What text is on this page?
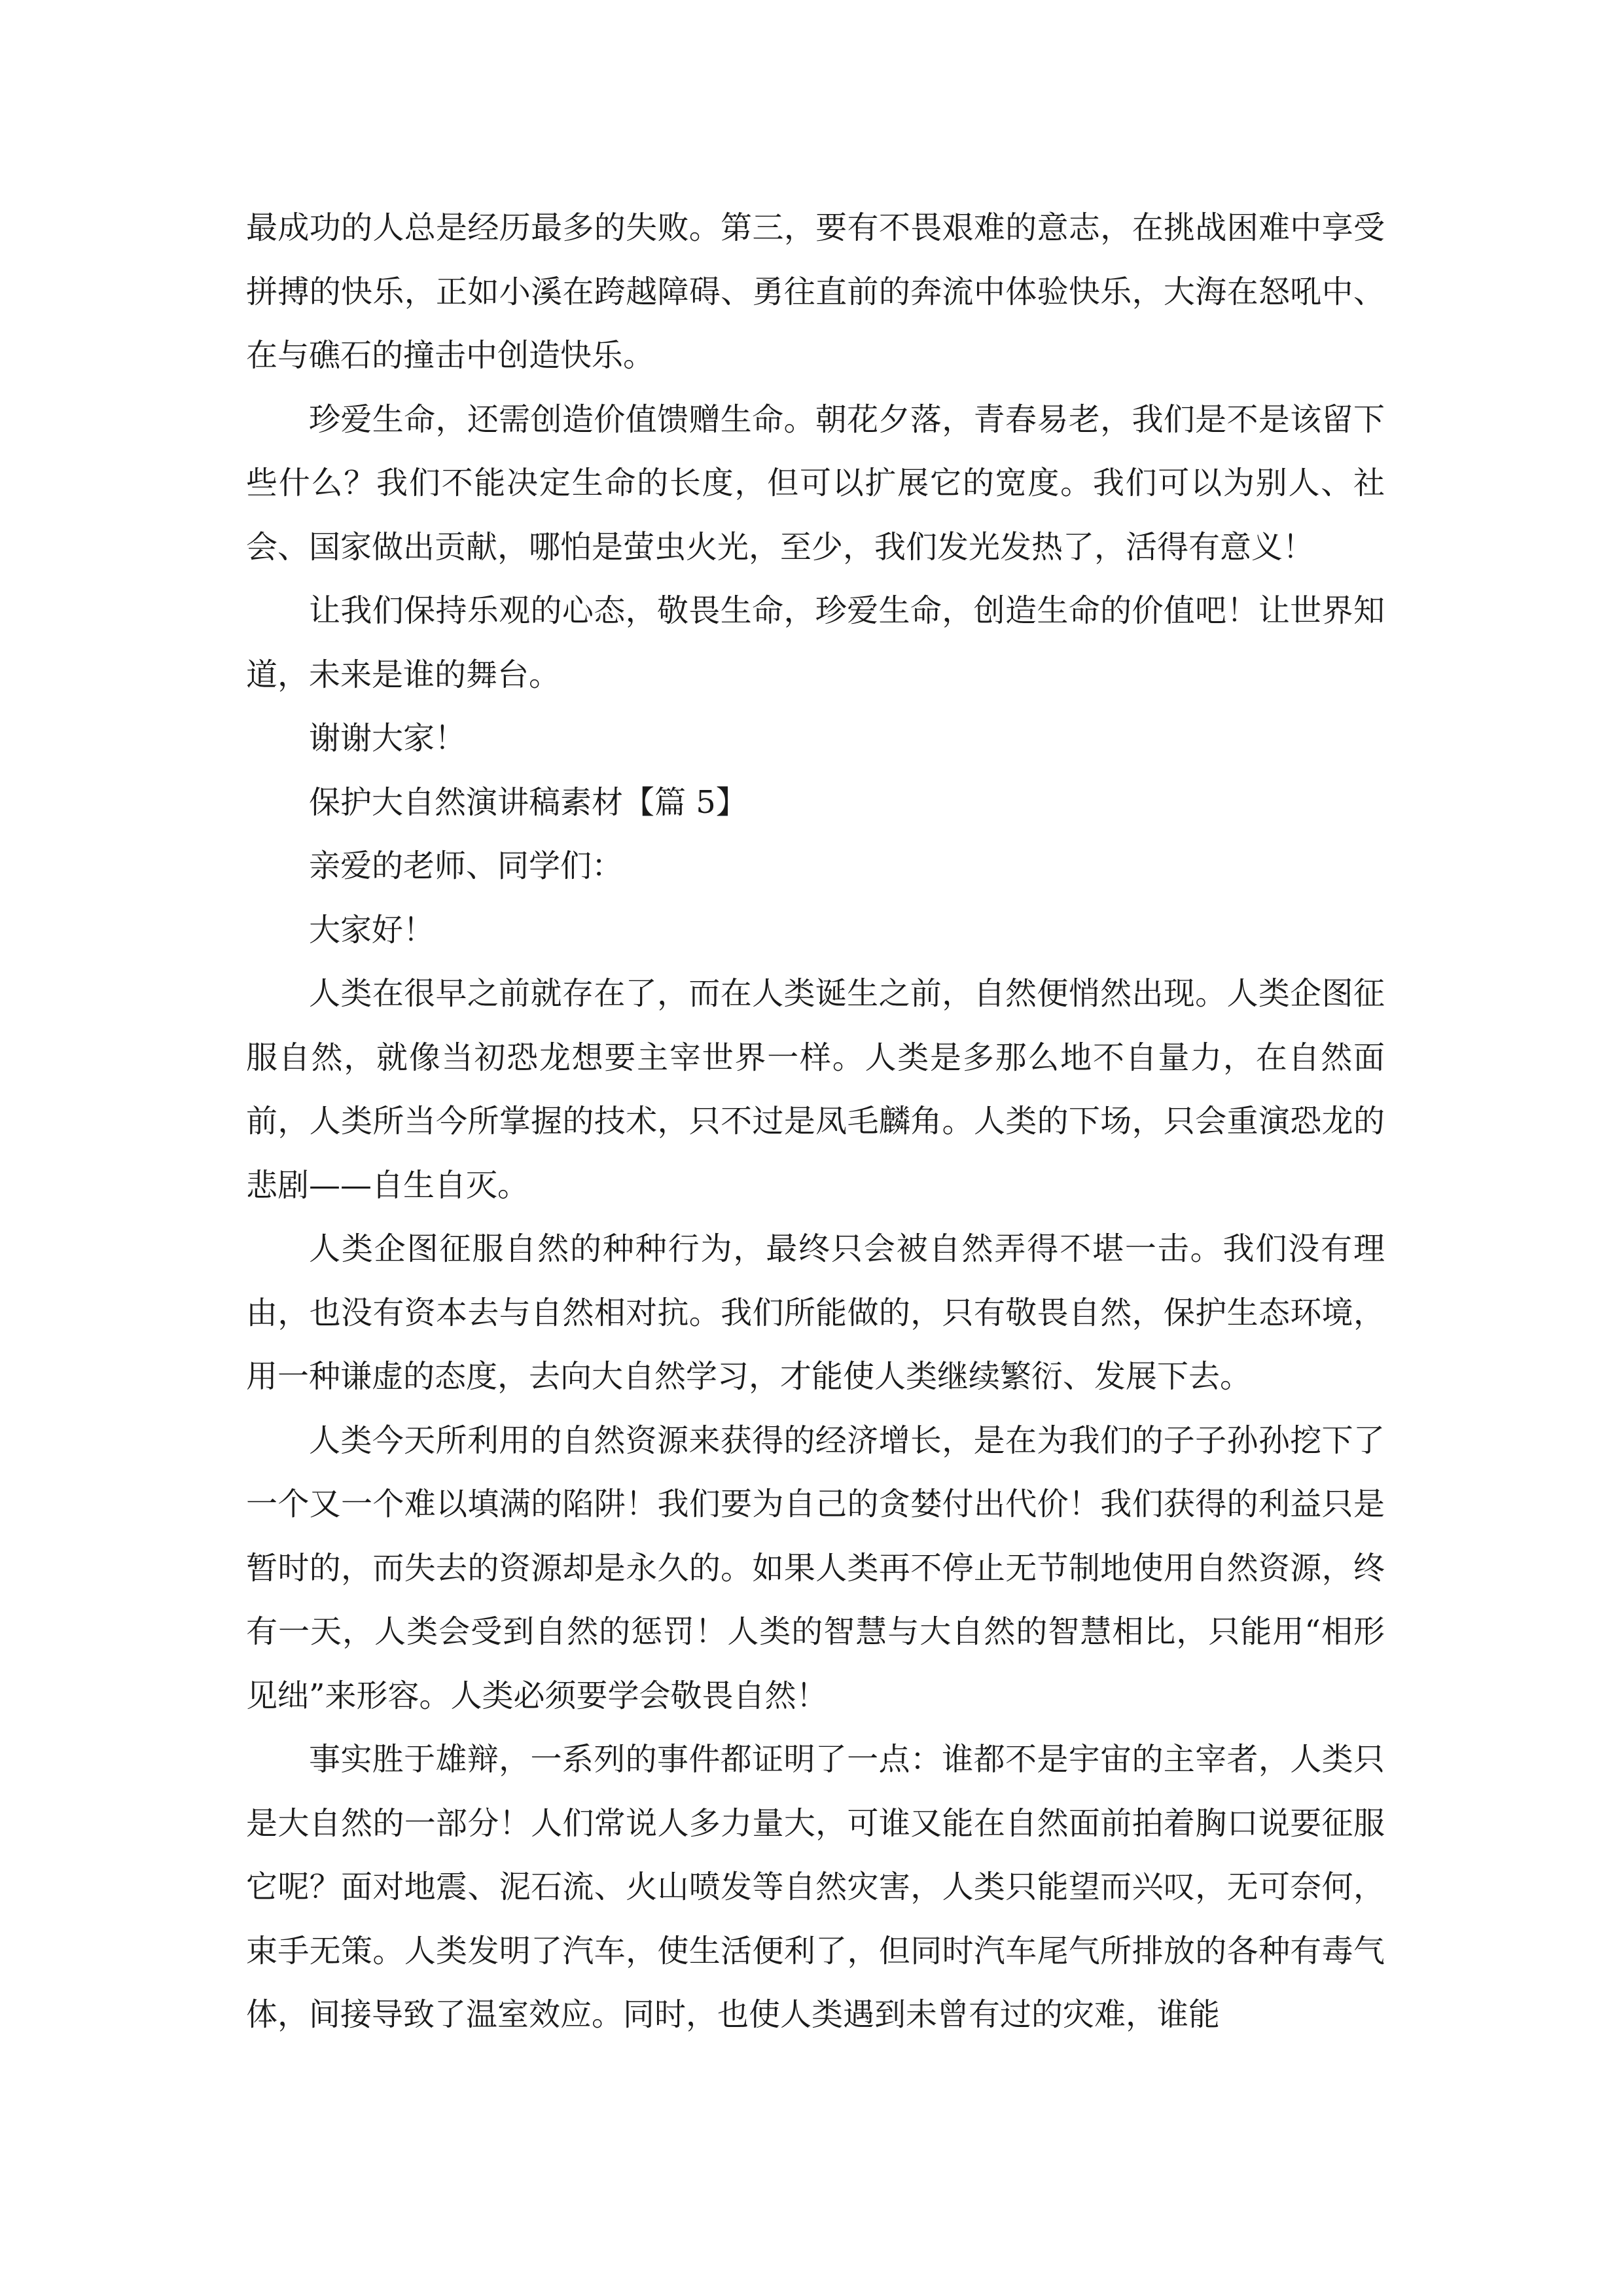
最成功的人总是经历最多的失败。第三，要有不畏艰难的意志，在挑战困难中享受拼搏的快乐，正如小溪在跨越障碍、勇往直前的奔流中体验快乐，大海在怒吼中、在与礁石的撞击中创造快乐。

珍爱生命，还需创造价值馈赠生命。朝花夕落，青春易老，我们是不是该留下些什么？我们不能决定生命的长度，但可以扩展它的宽度。我们可以为别人、社会、国家做出贡献，哪怕是萤虫火光，至少，我们发光发热了，活得有意义！

让我们保持乐观的心态，敬畏生命，珍爱生命，创造生命的价值吧！让世界知道，未来是谁的舞台。

谢谢大家！

保护大自然演讲稿素材【篇 5】

亲爱的老师、同学们：

大家好！

人类在很早之前就存在了，而在人类诞生之前，自然便悄然出现。人类企图征服自然，就像当初恐龙想要主宰世界一样。人类是多那么地不自量力，在自然面前，人类所当今所掌握的技术，只不过是凤毛麟角。人类的下场，只会重演恐龙的悲剧——自生自灭。

人类企图征服自然的种种行为，最终只会被自然弄得不堪一击。我们没有理由，也没有资本去与自然相对抗。我们所能做的，只有敬畏自然，保护生态环境，用一种谦虚的态度，去向大自然学习，才能使人类继续繁衍、发展下去。

人类今天所利用的自然资源来获得的经济增长，是在为我们的子子孙孙挖下了一个又一个难以填满的陷阱！我们要为自己的贪婪付出代价！我们获得的利益只是暂时的，而失去的资源却是永久的。如果人类再不停止无节制地使用自然资源，终有一天，人类会受到自然的惩罚！人类的智慧与大自然的智慧相比，只能用“相形见绌”来形容。人类必须要学会敬畏自然！

事实胜于雄辩，一系列的事件都证明了一点：谁都不是宇宙的主宰者，人类只是大自然的一部分！人们常说人多力量大，可谁又能在自然面前拍着胸口说要征服它呢？面对地震、泥石流、火山喷发等自然灾害，人类只能望而兴叹，无可奈何，束手无策。人类发明了汽车，使生活便利了，但同时汽车尾气所排放的各种有毒气体，间接导致了温室效应。同时，也使人类遇到未曾有过的灾难，谁能
